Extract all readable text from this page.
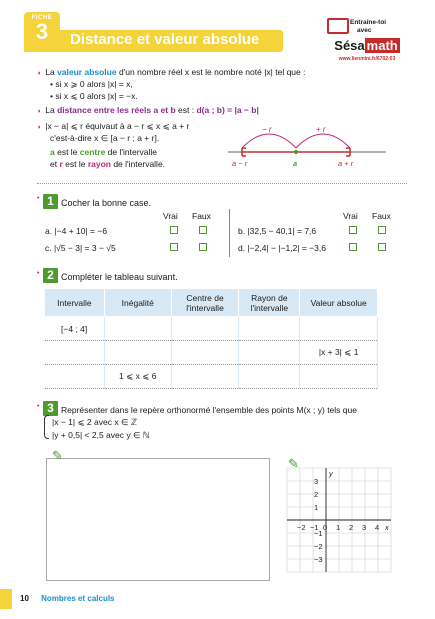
FICHE
3	Distance et valeur absolue
Entraîne-toi
avec
Sésa math
www.lienmini.fr/6702-03
◗ La valeur absolue d'un nombre réel x est le nombre noté |x| tel que :
• si x ⩾ 0 alors |x| = x,
• si x ⩽ 0 alors |x| = −x.
◗ La distance entre les réels a et b est : d(a ; b) = |a − b|
◗ |x − a| ⩽ r équivaut à a − r ⩽ x ⩽ a + r
c'est-à-dire x ∈ [a − r ; a + r].
a est le centre de l'intervalle
et r est le rayon de l'intervalle.
− r	+ r
a − r	a	a + r
• 1 Cocher la bonne case.
Vrai Faux	Vrai Faux
a. |−4 + 10| = −6	b. |32,5 − 40,1| = 7,6
c. |√5 − 3| = 3 − √5	d. |−2,4| − |−1,2| = −3,6
• 2 Compléter le tableau suivant.
Intervalle	Inégalité	Centre de l'intervalle	Rayon de l'intervalle	Valeur absolue
[−4 ; 4]				
				|x + 3| ⩽ 1
	1 ⩽ x ⩽ 6			
• 3 Représenter dans le repère orthonormé l'ensemble des points M(x ; y) tels que
|x − 1| ⩽ 2 avec x ∈ ℤ
|y + 0,5| < 2,5 avec y ∈ ℕ
✎
✎
−2 −1 0 1 2 3 4
3
2
1
−1
−2
−3
x
y
10 Nombres et calculs
